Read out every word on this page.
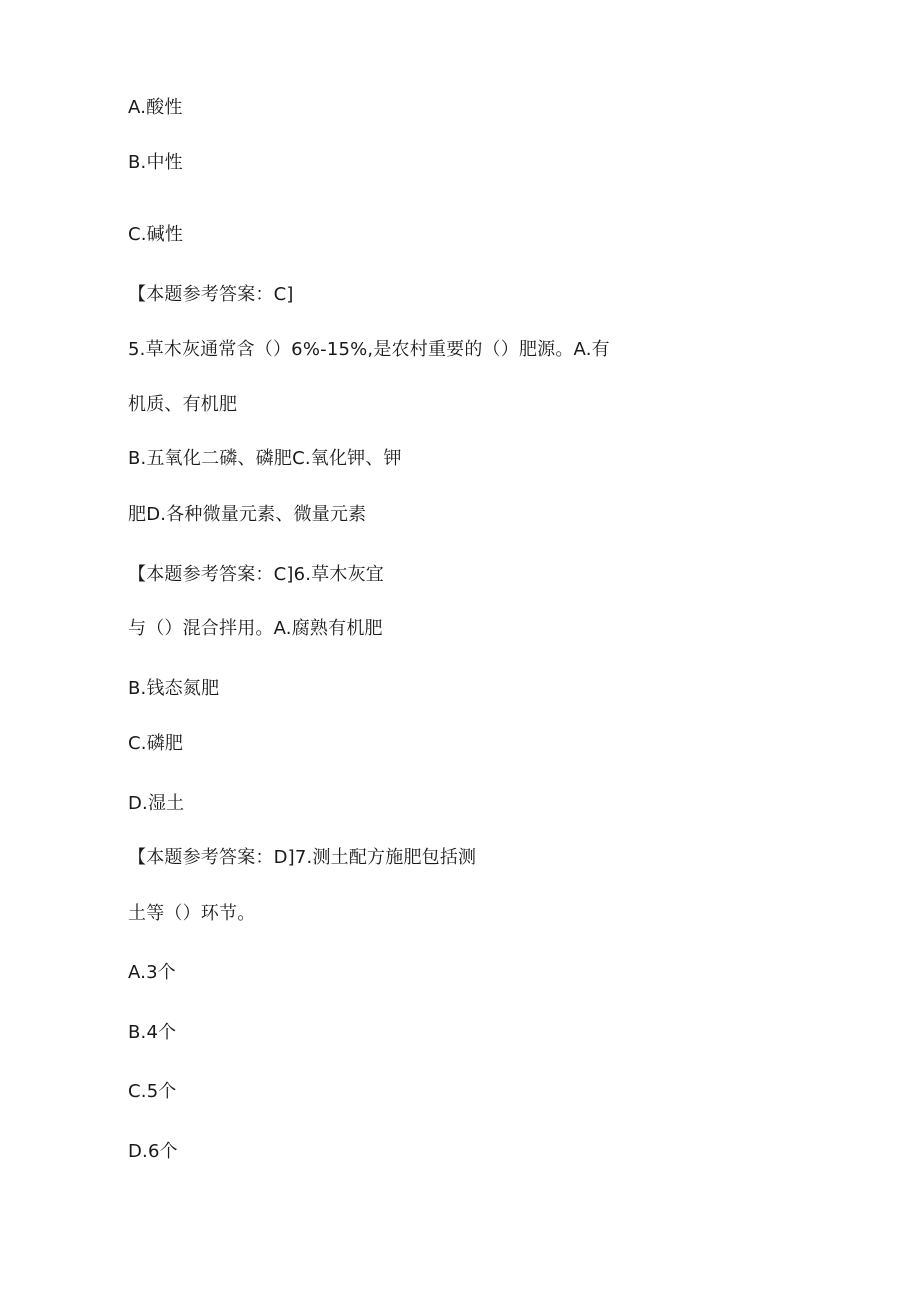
A.酸性
B.中性
C.碱性
【本题参考答案：C]
5.草木灰通常含（）6%-15%,是农村重要的（）肥源。A.有
机质、有机肥
B.五氧化二磷、磷肥C.氧化钾、钾
肥D.各种微量元素、微量元素
【本题参考答案：C]6.草木灰宜
与（）混合拌用。A.腐熟有机肥
B.钱态氮肥
C.磷肥
D.湿土
【本题参考答案：D]7.测土配方施肥包括测
土等（）环节。
A.3个
B.4个
C.5个
D.6个
